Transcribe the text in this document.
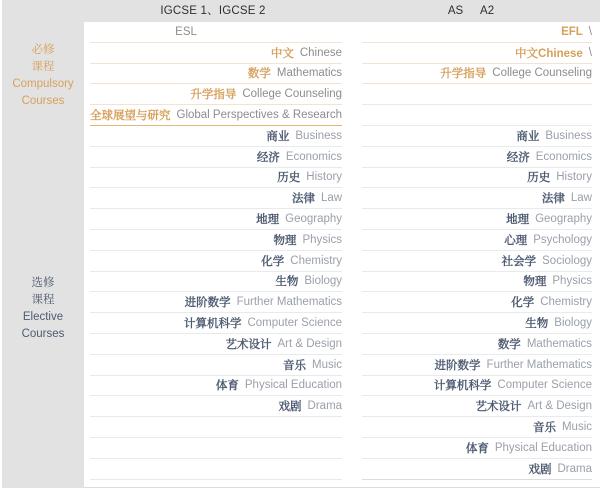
IGCSE 1、IGCSE 2	AS A2
必修
课程
Compulsory
Courses
选修
课程
Elective
Courses
ESL
中文 Chinese
数学 Mathematics
升学指导 College Counseling
全球展望与研究 Global Perspectives & Research
商业 Business
经济 Economics
历史 History
法律 Law
地理 Geography
物理 Physics
化学 Chemistry
生物 Biology
进阶数学 Further Mathematics
计算机科学 Computer Science
艺术设计 Art & Design
音乐 Music
体育 Physical Education
戏剧 Drama
EFL \
中文Chinese \
升学指导 College Counseling
商业 Business
经济 Economics
历史 History
法律 Law
地理 Geography
心理 Psychology
社会学 Sociology
物理 Physics
化学 Chemistry
生物 Biology
数学 Mathematics
进阶数学 Further Mathematics
计算机科学 Computer Science
艺术设计 Art & Design
音乐 Music
体育 Physical Education
戏剧 Drama
